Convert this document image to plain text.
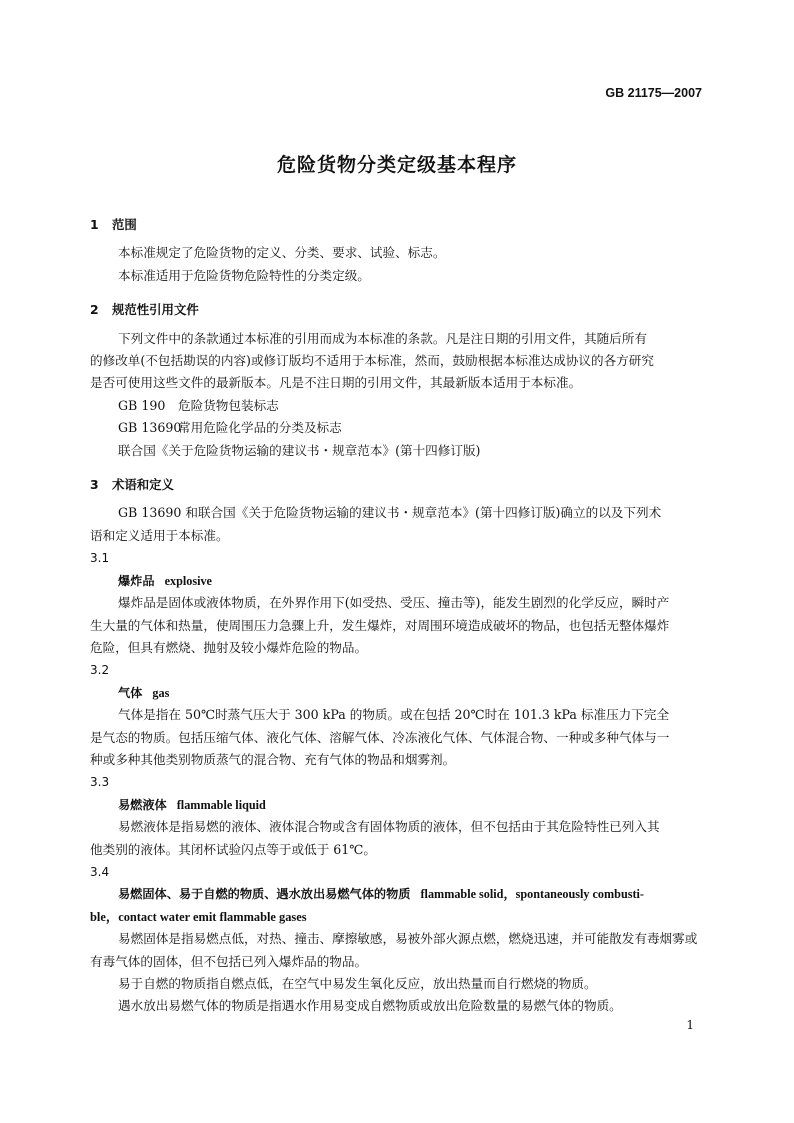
GB 21175—2007
危险货物分类定级基本程序
1 范围
本标准规定了危险货物的定义、分类、要求、试验、标志。
本标准适用于危险货物危险特性的分类定级。
2 规范性引用文件
下列文件中的条款通过本标准的引用而成为本标准的条款。凡是注日期的引用文件，其随后所有
的修改单(不包括勘误的内容)或修订版均不适用于本标准，然而，鼓励根据本标准达成协议的各方研究
是否可使用这些文件的最新版本。凡是不注日期的引用文件，其最新版本适用于本标准。
GB 190 危险货物包装标志
GB 13690常用危险化学品的分类及标志
联合国《关于危险货物运输的建议书・规章范本》(第十四修订版)
3 术语和定义
GB 13690 和联合国《关于危险货物运输的建议书・规章范本》(第十四修订版)确立的以及下列术
语和定义适用于本标准。
3.1
爆炸品 explosive
爆炸品是固体或液体物质，在外界作用下(如受热、受压、撞击等)，能发生剧烈的化学反应，瞬时产
生大量的气体和热量，使周围压力急骤上升，发生爆炸，对周围环境造成破坏的物品，也包括无整体爆炸
危险，但具有燃烧、抛射及较小爆炸危险的物品。
3.2
气体 gas
气体是指在 50℃时蒸气压大于 300 kPa 的物质。或在包括 20℃时在 101.3 kPa 标准压力下完全
是气态的物质。包括压缩气体、液化气体、溶解气体、冷冻液化气体、气体混合物、一种或多种气体与一
种或多种其他类别物质蒸气的混合物、充有气体的物品和烟雾剂。
3.3
易燃液体 flammable liquid
易燃液体是指易燃的液体、液体混合物或含有固体物质的液体，但不包括由于其危险特性已列入其
他类别的液体。其闭杯试验闪点等于或低于 61℃。
3.4
易燃固体、易于自燃的物质、遇水放出易燃气体的物质 flammable solid，spontaneously combusti-
ble，contact water emit flammable gases
易燃固体是指易燃点低，对热、撞击、摩擦敏感，易被外部火源点燃，燃烧迅速，并可能散发有毒烟雾或
有毒气体的固体，但不包括已列入爆炸品的物品。
易于自燃的物质指自燃点低，在空气中易发生氧化反应，放出热量而自行燃烧的物质。
遇水放出易燃气体的物质是指遇水作用易变成自燃物质或放出危险数量的易燃气体的物质。
1
